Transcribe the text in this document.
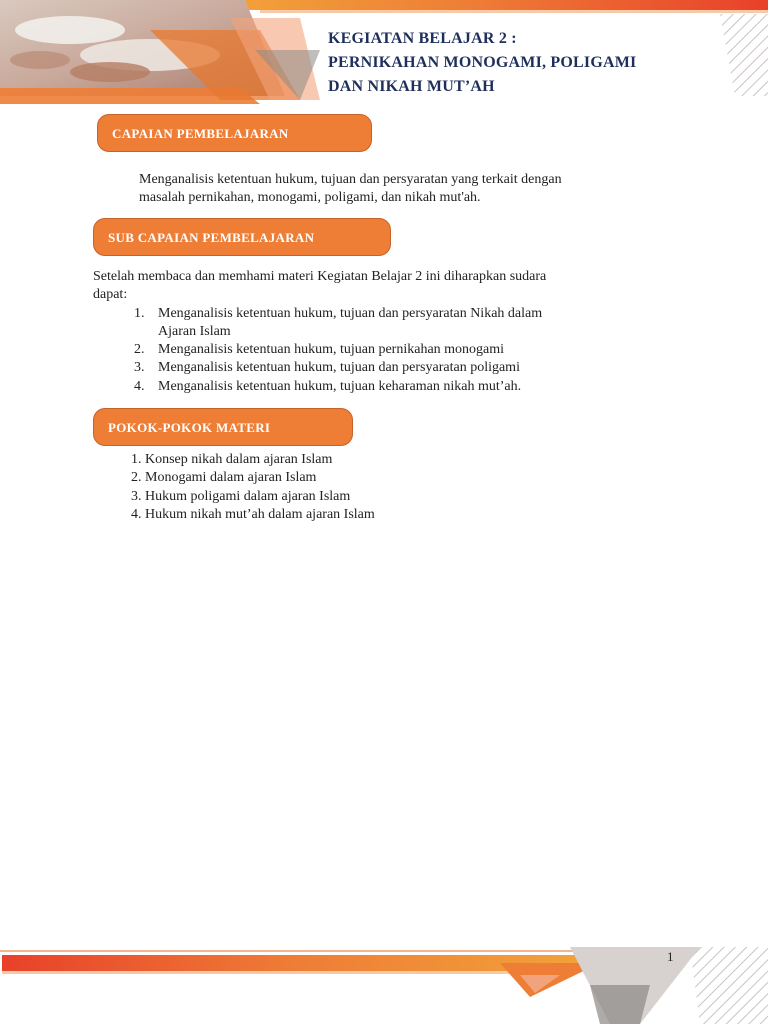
KEGIATAN BELAJAR 2 :
PERNIKAHAN MONOGAMI, POLIGAMI
DAN NIKAH MUT’AH
CAPAIAN PEMBELAJARAN
Menganalisis ketentuan hukum, tujuan dan persyaratan yang terkait dengan
masalah pernikahan, monogami, poligami, dan nikah mut'ah.
SUB CAPAIAN PEMBELAJARAN
Setelah membaca dan memhami materi Kegiatan Belajar 2 ini diharapkan sudara
dapat:
1. Menganalisis ketentuan hukum, tujuan dan persyaratan Nikah dalam
Ajaran Islam
2. Menganalisis ketentuan hukum, tujuan pernikahan monogami
3. Menganalisis ketentuan hukum, tujuan dan persyaratan poligami
4. Menganalisis ketentuan hukum, tujuan keharaman nikah mut’ah.
POKOK-POKOK MATERI
1. Konsep nikah dalam ajaran Islam
2. Monogami dalam ajaran Islam
3. Hukum poligami dalam ajaran Islam
4. Hukum nikah mut’ah dalam ajaran Islam
1
